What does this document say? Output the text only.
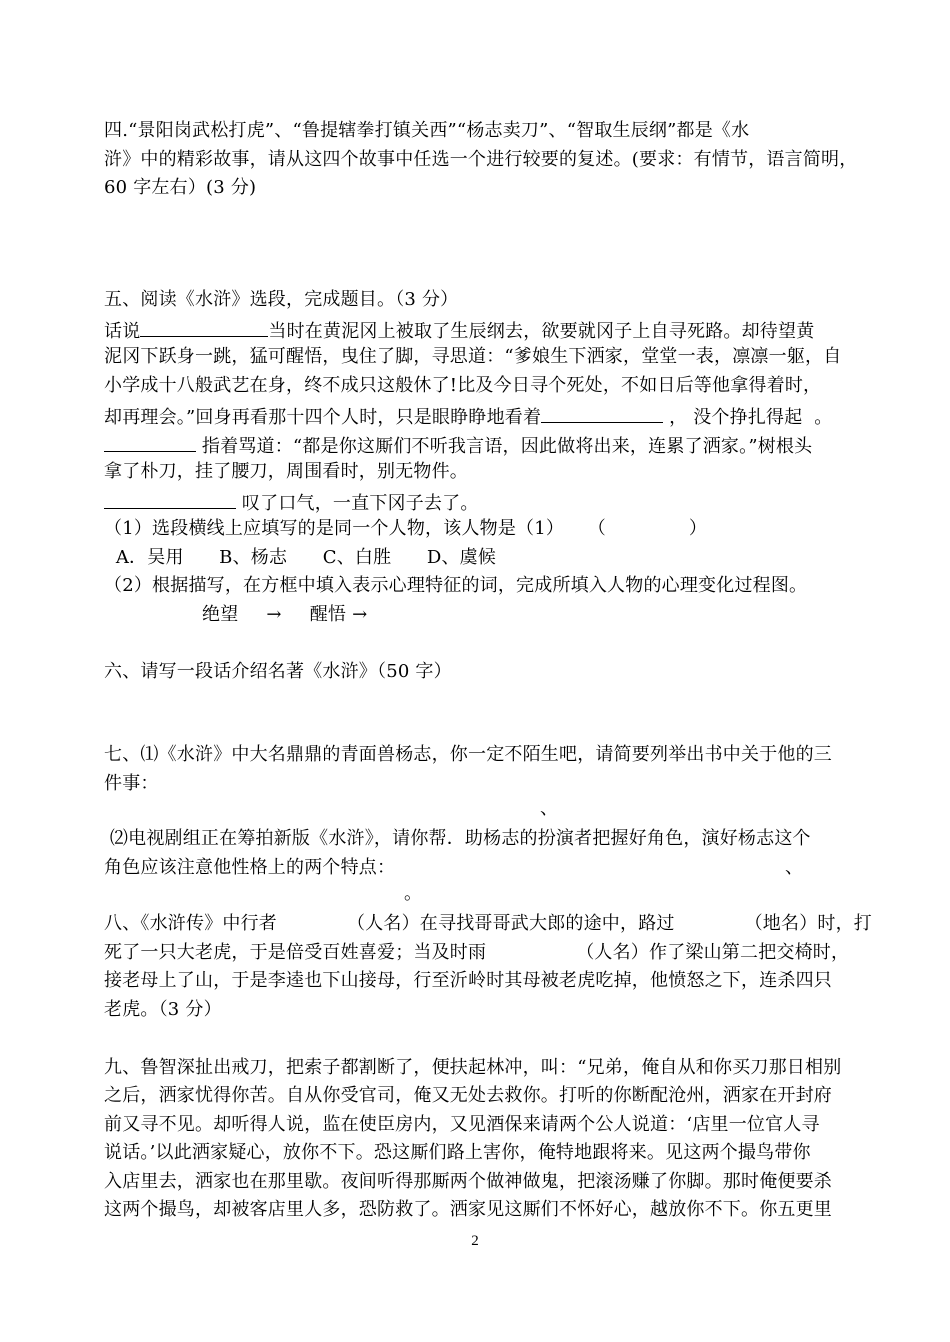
四.“景阳岗武松打虎”、“鲁提辖拳打镇关西”“杨志卖刀”、“智取生辰纲”都是《水
浒》中的精彩故事，请从这四个故事中任选一个进行较要的复述。(要求：有情节，语言简明，
60 字左右）(3 分)
五、阅读《水浒》选段，完成题目。（3 分）
话说	当时在黄泥冈上被取了生辰纲去，欲要就冈子上自寻死路。却待望黄
泥冈下跃身一跳，猛可醒悟，曳住了脚，寻思道：“爹娘生下洒家，堂堂一表，凛凛一躯，自
小学成十八般武艺在身，终不成只这般休了!比及今日寻个死处，不如日后等他拿得着时，
却再理会。”回身再看那十四个人时，只是眼睁睁地看着	， 没个挣扎得起  。
指着骂道：“都是你这厮们不听我言语，因此做将出来，连累了洒家。”树根头
拿了朴刀，挂了腰刀，周围看时，别无物件。
叹了口气，一直下冈子去了。
（1）选段横线上应填写的是同一个人物，该人物是（1）    （              ）
A．吴用      B、杨志      C、白胜      D、虞候
（2）根据描写，在方框中填入表示心理特征的词，完成所填入人物的心理变化过程图。
绝望 → 醒悟 →
六、请写一段话介绍名著《水浒》（50 字）
七、⑴《水浒》中大名鼎鼎的青面兽杨志，你一定不陌生吧，请简要列举出书中关于他的三
件事：
、
⑵电视剧组正在筹拍新版《水浒》，请你帮．助杨志的扮演者把握好角色，演好杨志这个
角色应该注意他性格上的两个特点：	、
。
八、《水浒传》中行者	（人名）在寻找哥哥武大郎的途中，路过	（地名）时，打
死了一只大老虎，于是倍受百姓喜爱；当及时雨	（人名）作了梁山第二把交椅时，
接老母上了山，于是李逵也下山接母，行至沂岭时其母被老虎吃掉，他愤怒之下，连杀四只
老虎。（3 分）
九、鲁智深扯出戒刀，把索子都割断了，便扶起林冲，叫：“兄弟，俺自从和你买刀那日相别
之后，洒家忧得你苦。自从你受官司，俺又无处去救你。打听的你断配沧州，洒家在开封府
前又寻不见。却听得人说，监在使臣房内，又见酒保来请两个公人说道：‘店里一位官人寻
说话。’以此洒家疑心，放你不下。恐这厮们路上害你，俺特地跟将来。见这两个撮鸟带你
入店里去，洒家也在那里歇。夜间听得那厮两个做神做鬼，把滚汤赚了你脚。那时俺便要杀
这两个撮鸟，却被客店里人多，恐防救了。洒家见这厮们不怀好心，越放你不下。你五更里
2
